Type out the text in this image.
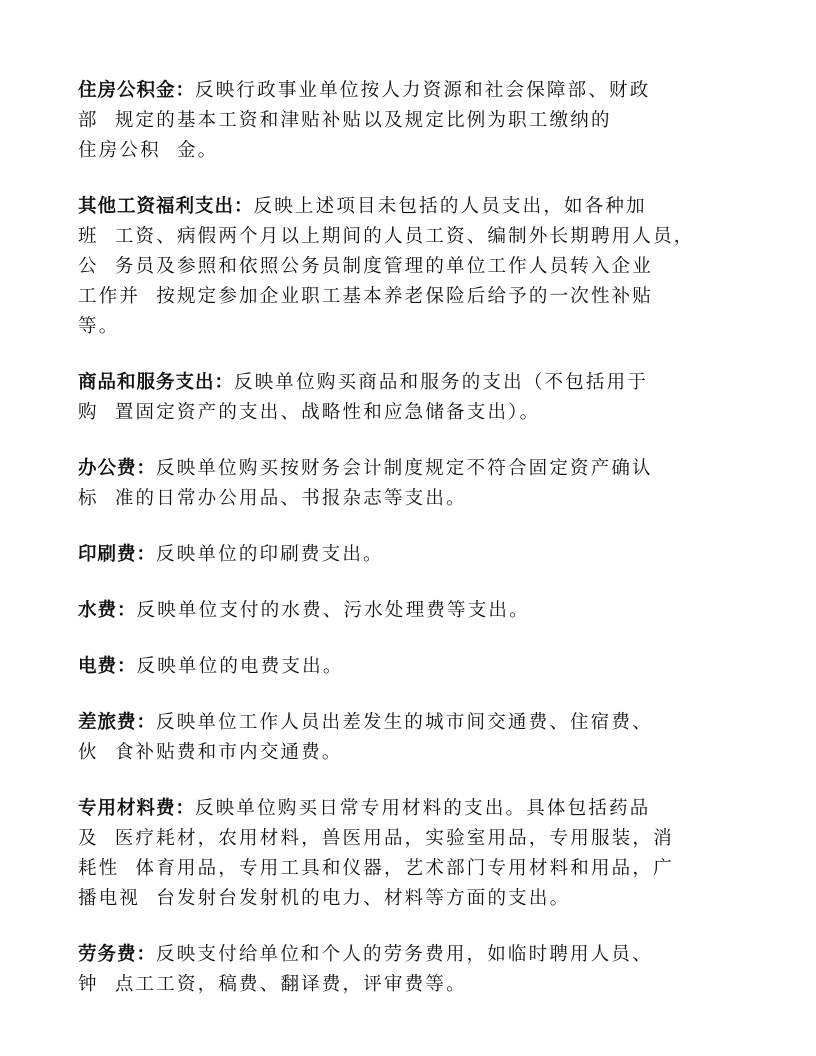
住房公积金：反映行政事业单位按人力资源和社会保障部、财政
部  规定的基本工资和津贴补贴以及规定比例为职工缴纳的
住房公积  金。
其他工资福利支出：反映上述项目未包括的人员支出，如各种加
班  工资、病假两个月以上期间的人员工资、编制外长期聘用人员，
公  务员及参照和依照公务员制度管理的单位工作人员转入企业
工作并  按规定参加企业职工基本养老保险后给予的一次性补贴
等。
商品和服务支出：反映单位购买商品和服务的支出（不包括用于
购  置固定资产的支出、战略性和应急储备支出）。
办公费：反映单位购买按财务会计制度规定不符合固定资产确认
标  准的日常办公用品、书报杂志等支出。
印刷费：反映单位的印刷费支出。
水费：反映单位支付的水费、污水处理费等支出。
电费：反映单位的电费支出。
差旅费：反映单位工作人员出差发生的城市间交通费、住宿费、
伙  食补贴费和市内交通费。
专用材料费：反映单位购买日常专用材料的支出。具体包括药品
及  医疗耗材，农用材料，兽医用品，实验室用品，专用服装，消
耗性  体育用品，专用工具和仪器，艺术部门专用材料和用品，广
播电视  台发射台发射机的电力、材料等方面的支出。
劳务费：反映支付给单位和个人的劳务费用，如临时聘用人员、
钟  点工工资，稿费、翻译费，评审费等。
